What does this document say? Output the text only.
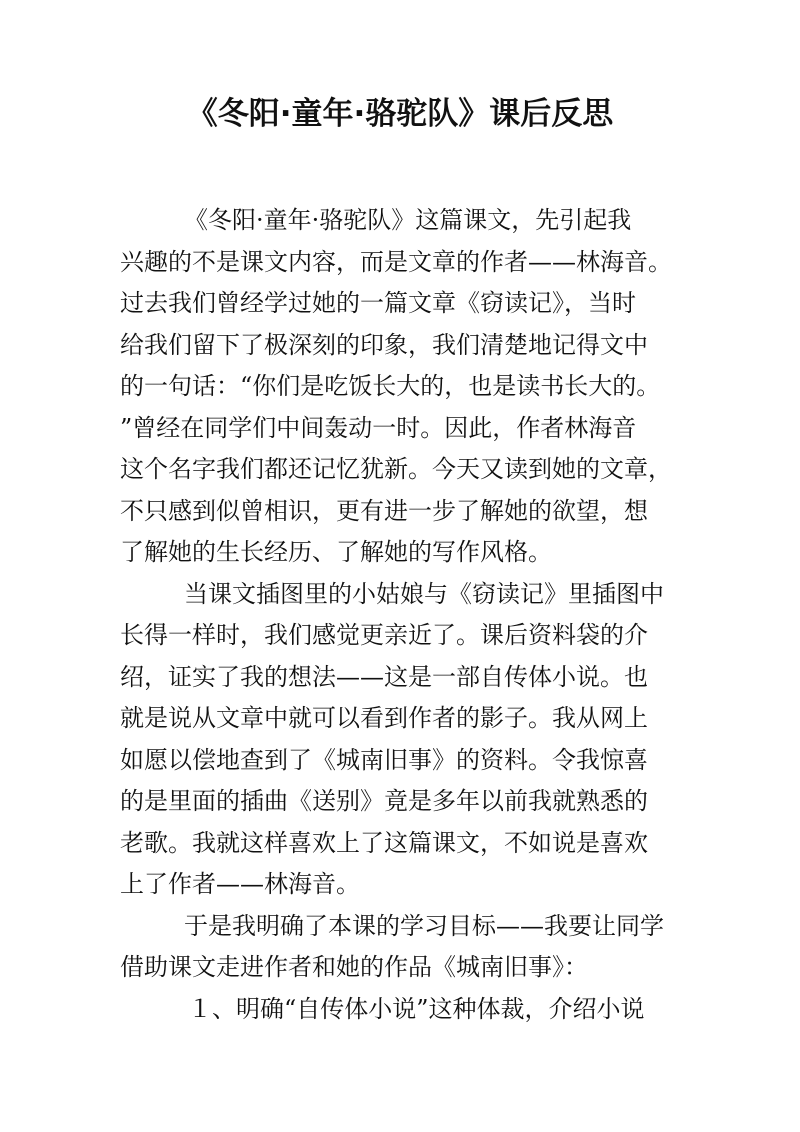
《冬阳·童年·骆驼队》课后反思
《冬阳·童年·骆驼队》这篇课文，先引起我
兴趣的不是课文内容，而是文章的作者——林海音。
过去我们曾经学过她的一篇文章《窃读记》，当时
给我们留下了极深刻的印象，我们清楚地记得文中
的一句话：“你们是吃饭长大的，也是读书长大的。
”曾经在同学们中间轰动一时。因此，作者林海音
这个名字我们都还记忆犹新。今天又读到她的文章，
不只感到似曾相识，更有进一步了解她的欲望，想
了解她的生长经历、了解她的写作风格。
当课文插图里的小姑娘与《窃读记》里插图中
长得一样时，我们感觉更亲近了。课后资料袋的介
绍，证实了我的想法——这是一部自传体小说。也
就是说从文章中就可以看到作者的影子。我从网上
如愿以偿地查到了《城南旧事》的资料。令我惊喜
的是里面的插曲《送别》竟是多年以前我就熟悉的
老歌。我就这样喜欢上了这篇课文，不如说是喜欢
上了作者——林海音。
于是我明确了本课的学习目标——我要让同学
借助课文走进作者和她的作品《城南旧事》：
１、明确“自传体小说”这种体裁，介绍小说
